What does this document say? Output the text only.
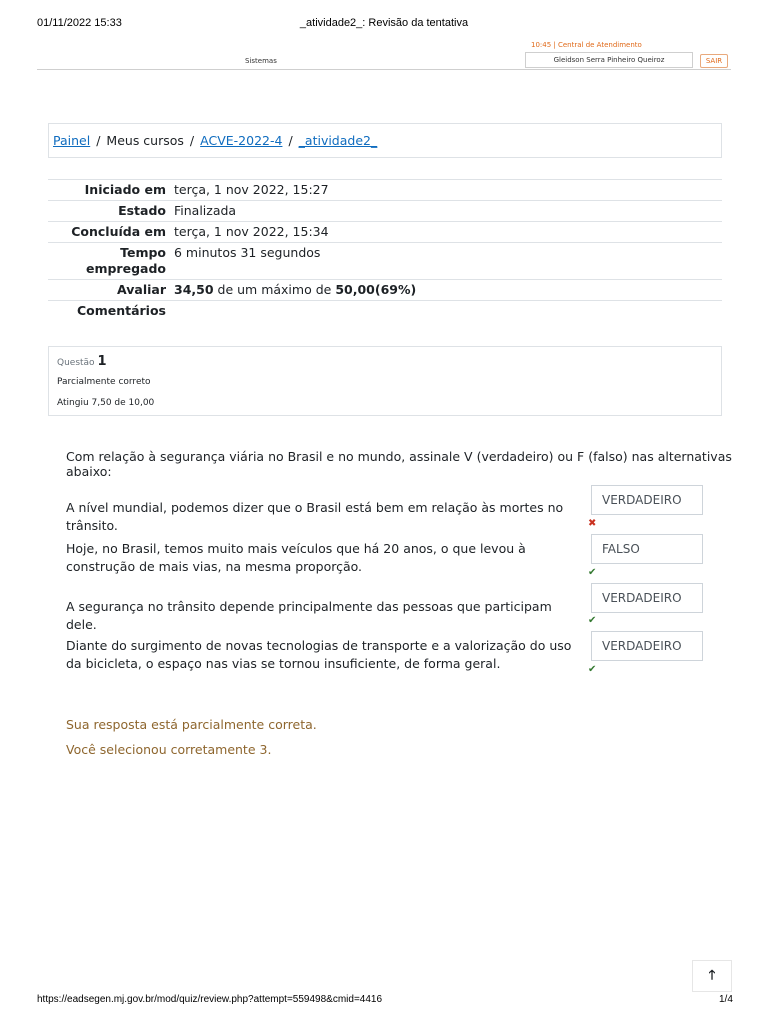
01/11/2022 15:33	_atividade2_: Revisão da tentativa
Sistemas
10:45 | Central de Atendimento
Gleidson Serra Pinheiro Queiroz	SAIR
Painel / Meus cursos / ACVE-2022-4 / _atividade2_
Iniciado em terça, 1 nov 2022, 15:27
Estado Finalizada
Concluída em terça, 1 nov 2022, 15:34
Tempo
empregado
6 minutos 31 segundos
Avaliar 34,50 de um máximo de 50,00(69%)
Comentários
Questão 1
Parcialmente correto
Atingiu 7,50 de 10,00
Com relação à segurança viária no Brasil e no mundo, assinale V (verdadeiro) ou F (falso) nas alternativas abaixo:
A nível mundial, podemos dizer que o Brasil está bem em relação às mortes no trânsito.
VERDADEIRO
✖
Hoje, no Brasil, temos muito mais veículos que há 20 anos, o que levou à construção de mais vias, na mesma proporção.
FALSO
✔
A segurança no trânsito depende principalmente das pessoas que participam dele.
VERDADEIRO
✔
Diante do surgimento de novas tecnologias de transporte e a valorização do uso da bicicleta, o espaço nas vias se tornou insuficiente, de forma geral.
VERDADEIRO
✔
Sua resposta está parcialmente correta.
Você selecionou corretamente 3.
🡑
https://eadsegen.mj.gov.br/mod/quiz/review.php?attempt=559498&cmid=4416	1/4
